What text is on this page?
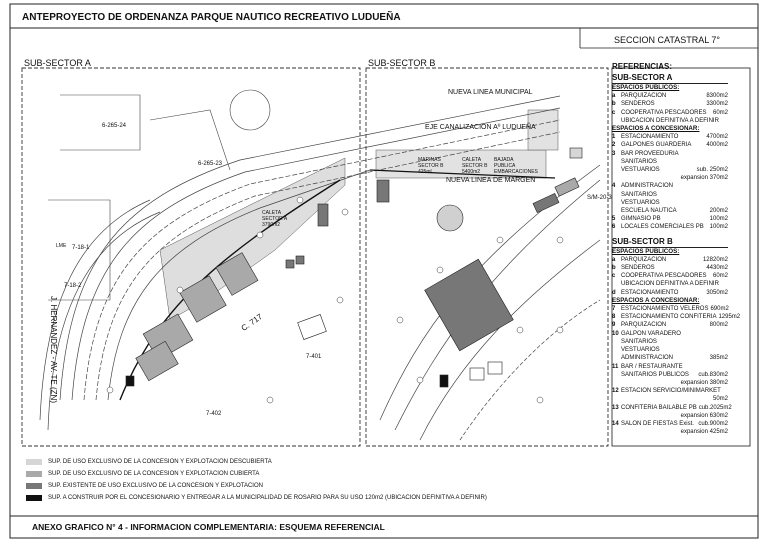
ANTEPROYECTO DE ORDENANZA PARQUE NAUTICO RECREATIVO LUDUEÑA
SECCION CATASTRAL 7°
SUB-SECTOR A	SUB-SECTOR B
NUEVA LINEA MUNICIPAL
EJE CANALIZACION Aº LUDUEÑA
NUEVA LINEA DE MARGEN
MARINAS SECTOR B 425ml
CALETA SECTOR B 5400m2
BAJADA PUBLICA EMBARCACIONES
CALETA SECTOR A 3790m2
C. 717
J. HERNANDEZ - AV. TE (ZN)
6-265-24
6-265-23
7-18-1
7-18-2
7-401
7-402
S/M-20-3
LME
REFERENCIAS:
SUB-SECTOR A
ESPACIOS PUBLICOS:
a PARQUIZACION	8300m2
b SENDEROS	3300m2
c COOPERATIVA PESCADORES	60m2
UBICACION DEFINITIVA A DEFINIR
ESPACIOS A CONCESIONAR:
1 ESTACIONAMIENTO	4700m2
2 GALPONES GUARDERIA	4000m2
3 BAR PROVEEDURIA
SANITARIOS
VESTUARIOS	sub. 250m2
expansion 370m2
4 ADMINISTRACION
SANITARIOS
VESTUARIOS
ESCUELA NAUTICA	200m2
5 GIMNASIO PB	100m2
6 LOCALES COMERCIALES PB 100m2
SUB-SECTOR B
ESPACIOS PUBLICOS:
a PARQUIZACION	12820m2
b SENDEROS	4430m2
c COOPERATIVA PESCADORES	60m2
UBICACION DEFINITIVA A DEFINIR
d ESTACIONAMIENTO	3050m2
ESPACIOS A CONCESIONAR:
7 ESTACIONAMIENTO VELEROS 690m2
8 ESTACIONAMIENTO CONFITERIA 1295m2
9 PARQUIZACION	800m2
10 GALPON VARADERO
SANITARIOS
VESTUARIOS
ADMINISTRACION	385m2
11 BAR / RESTAURANTE
SANITARIOS PUBLICOS	cub.830m2
expansion 380m2
12 ESTACION SERVICIO/MINIMARKET
50m2
13 CONFITERIA BAILABLE PB cub.2025m2
expansion 630m2
14 SALON DE FIESTAS Exist. cub.900m2
expansion 425m2
SUP. DE USO EXCLUSIVO DE LA CONCESION Y EXPLOTACION DESCUBIERTA
SUP. DE USO EXCLUSIVO DE LA CONCESION Y EXPLOTACION CUBIERTA
SUP. EXISTENTE DE USO EXCLUSIVO DE LA CONCESION Y EXPLOTACION
SUP. A CONSTRUIR POR EL CONCESIONARIO Y ENTREGAR A LA MUNICIPALIDAD DE ROSARIO PARA SU USO 120m2 (UBICACION DEFINITIVA A DEFINIR)
ANEXO GRAFICO N° 4 - INFORMACION COMPLEMENTARIA: ESQUEMA REFERENCIAL
